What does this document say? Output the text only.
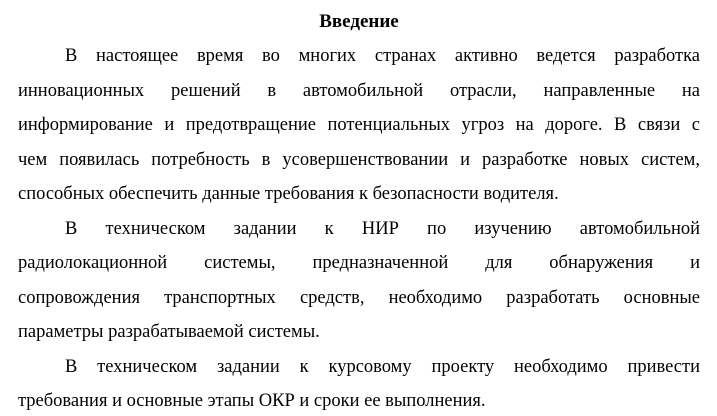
Введение
В настоящее время во многих странах активно ведется разработка
инновационных решений в автомобильной отрасли, направленные на
информирование и предотвращение потенциальных угроз на дороге. В связи с
чем появилась потребность в усовершенствовании и разработке новых систем,
способных обеспечить данные требования к безопасности водителя.
В техническом задании к НИР по изучению автомобильной
радиолокационной системы, предназначенной для обнаружения и
сопровождения транспортных средств, необходимо разработать основные
параметры разрабатываемой системы.
В техническом задании к курсовому проекту необходимо привести
требования и основные этапы ОКР и сроки ее выполнения.
